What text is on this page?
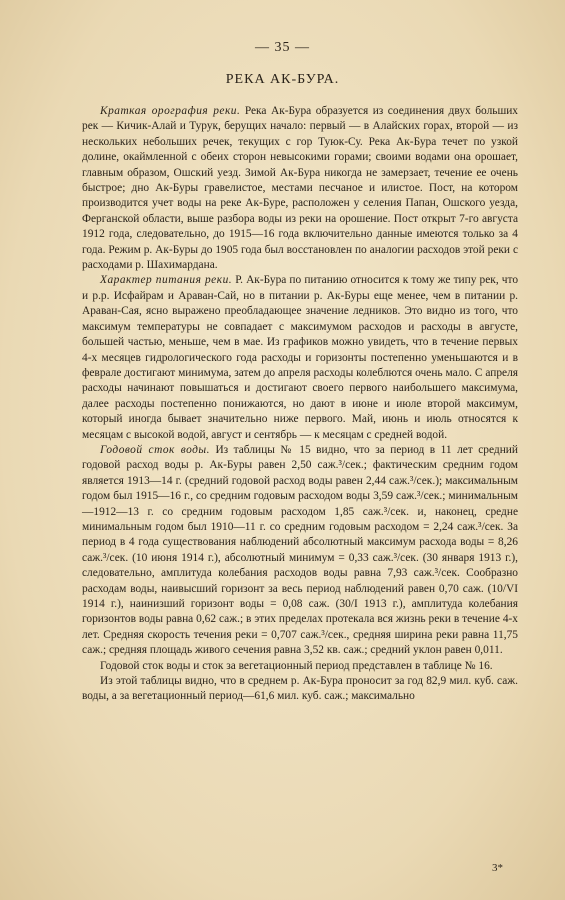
— 35 —
РЕКА АК-БУРА.

Краткая орография реки. Река Ак-Бура образуется из соединения двух больших рек — Кичик-Алай и Турук, берущих начало: первый — в Алайских горах, второй — из нескольких небольших речек, текущих с гор Туюк-Су. Река Ак-Бура течет по узкой долине, окаймленной с обеих сторон невысокими горами; своими водами она орошает, главным образом, Ошский уезд. Зимой Ак-Бура никогда не замерзает, течение ее очень быстрое; дно Ак-Буры гравелистое, местами песчаное и илистое. Пост, на котором производится учет воды на реке Ак-Буре, расположен у селения Папан, Ошского уезда, Ферганской области, выше разбора воды из реки на орошение. Пост открыт 7-го августа 1912 года, следовательно, до 1915—16 года включительно данные имеются только за 4 года. Режим р. Ак-Буры до 1905 года был восстановлен по аналогии расходов этой реки с расходами р. Шахимардана.

Характер питания реки. Р. Ак-Бура по питанию относится к тому же типу рек, что и р.р. Исфайрам и Араван-Сай, но в питании р. Ак-Буры еще менее, чем в питании р. Араван-Сая, ясно выражено преобладающее значение ледников. Это видно из того, что максимум температуры не совпадает с максимумом расходов и расходы в августе, большей частью, меньше, чем в мае. Из графиков можно увидеть, что в течение первых 4-х месяцев гидрологического года расходы и горизонты постепенно уменьшаются и в феврале достигают минимума, затем до апреля расходы колеблются очень мало. С апреля расходы начинают повышаться и достигают своего первого наибольшего максимума, далее расходы постепенно понижаются, но дают в июне и июле второй максимум, который иногда бывает значительно ниже первого. Май, июнь и июль относятся к месяцам с высокой водой, август и сентябрь — к месяцам с средней водой.

Годовой сток воды. Из таблицы № 15 видно, что за период в 11 лет средний годовой расход воды р. Ак-Буры равен 2,50 саж.³/сек.; фактическим средним годом является 1913—14 г. (средний годовой расход воды равен 2,44 саж.³/сек.); максимальным годом был 1915—16 г., со средним годовым расходом воды 3,59 саж.³/сек.; минимальным—1912—13 г. со средним годовым расходом 1,85 саж.³/сек. и, наконец, средне минимальным годом был 1910—11 г. со средним годовым расходом = 2,24 саж.³/сек. За период в 4 года существования наблюдений абсолютный максимум расхода воды = 8,26 саж.³/сек. (10 июня 1914 г.), абсолютный минимум = 0,33 саж.³/сек. (30 января 1913 г.), следовательно, амплитуда колебания расходов воды равна 7,93 саж.³/сек. Сообразно расходам воды, наивысший горизонт за весь период наблюдений равен 0,70 саж. (10/VI 1914 г.), наинизший горизонт воды = 0,08 саж. (30/I 1913 г.), амплитуда колебания горизонтов воды равна 0,62 саж.; в этих пределах протекала вся жизнь реки в течение 4-х лет. Средняя скорость течения реки = 0,707 саж.³/сек., средняя ширина реки равна 11,75 саж.; средняя площадь живого сечения равна 3,52 кв. саж.; средний уклон равен 0,011.

Годовой сток воды и сток за вегетационный период представлен в таблице № 16.

Из этой таблицы видно, что в среднем р. Ак-Бура проносит за год 82,9 мил. куб. саж. воды, а за вегетационный период—61,6 мил. куб. саж.; максимально

3*
